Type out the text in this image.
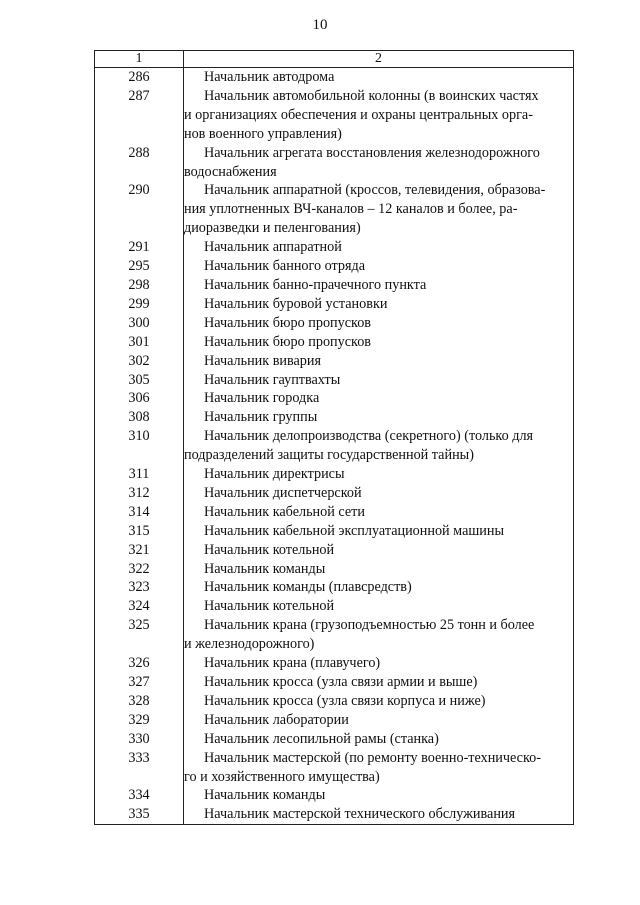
10
1	2
286	Начальник автодрома

287	Начальник автомобильной колонны (в воинских частях
и организациях обеспечения и охраны центральных орга-
нов военного управления)

288	Начальник агрегата восстановления железнодорожного
водоснабжения

290	Начальник аппаратной (кроссов, телевидения, образова-
ния уплотненных ВЧ-каналов – 12 каналов и более, ра-
диоразведки и пеленгования)

291	Начальник аппаратной

295	Начальник банного отряда

298	Начальник банно-прачечного пункта

299	Начальник буровой установки

300	Начальник бюро пропусков

301	Начальник бюро пропусков

302	Начальник вивария

305	Начальник гауптвахты

306	Начальник городка

308	Начальник группы

310	Начальник делопроизводства (секретного) (только для
подразделений защиты государственной тайны)

311	Начальник директрисы

312	Начальник диспетчерской

314	Начальник кабельной сети

315	Начальник кабельной эксплуатационной машины

321	Начальник котельной

322	Начальник команды

323	Начальник команды (плавсредств)

324	Начальник котельной

325	Начальник крана (грузоподъемностью 25 тонн и более
и железнодорожного)

326	Начальник крана (плавучего)

327	Начальник кросса (узла связи армии и выше)

328	Начальник кросса (узла связи корпуса и ниже)

329	Начальник лаборатории

330	Начальник лесопильной рамы (станка)

333	Начальник мастерской (по ремонту военно-техническо-
го и хозяйственного имущества)

334	Начальник команды

335	Начальник мастерской технического обслуживания
